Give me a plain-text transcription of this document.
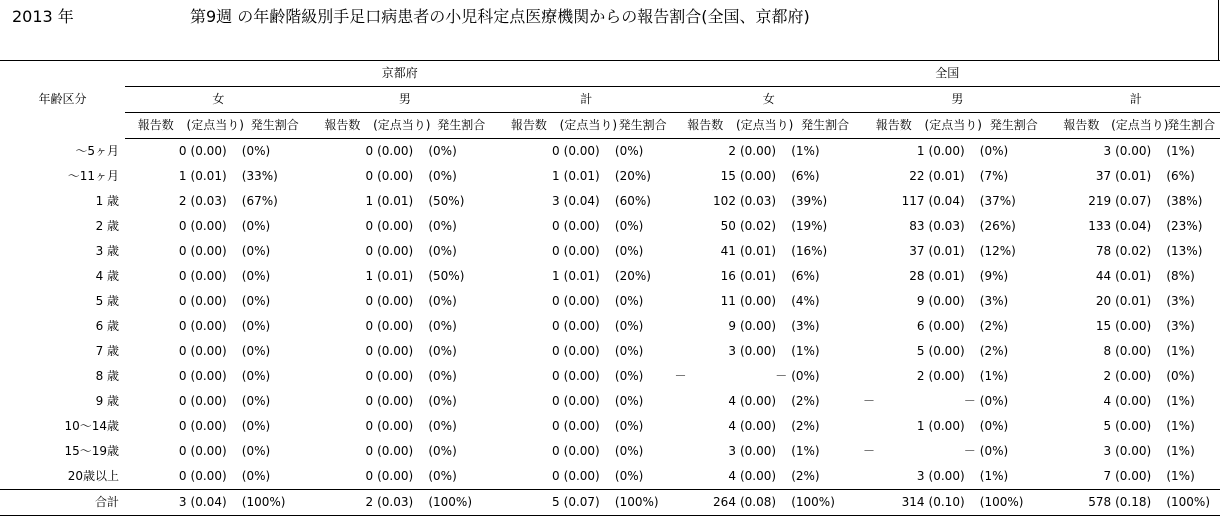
2013 年	第9週 の年齢階級別手足口病患者の小児科定点医療機関からの報告割合(全国、京都府)
年齢区分	京都府									全国								
	女			男			計			女			男			計		
	報告数	(定点当り)	発生割合	報告数	(定点当り)	発生割合	報告数	(定点当り)	発生割合	報告数	(定点当り)	発生割合	報告数	(定点当り)	発生割合	報告数	(定点当り)	発生割合
～5ヶ月	0	(0.00)	(0%)	0	(0.00)	(0%)	0	(0.00)	(0%)	2	(0.00)	(1%)	1	(0.00)	(0%)	3	(0.00)	(1%)
～11ヶ月	1	(0.01)	(33%)	0	(0.00)	(0%)	1	(0.01)	(20%)	15	(0.00)	(6%)	22	(0.01)	(7%)	37	(0.01)	(6%)
1 歳	2	(0.03)	(67%)	1	(0.01)	(50%)	3	(0.04)	(60%)	102	(0.03)	(39%)	117	(0.04)	(37%)	219	(0.07)	(38%)
2 歳	0	(0.00)	(0%)	0	(0.00)	(0%)	0	(0.00)	(0%)	50	(0.02)	(19%)	83	(0.03)	(26%)	133	(0.04)	(23%)
3 歳	0	(0.00)	(0%)	0	(0.00)	(0%)	0	(0.00)	(0%)	41	(0.01)	(16%)	37	(0.01)	(12%)	78	(0.02)	(13%)
4 歳	0	(0.00)	(0%)	1	(0.01)	(50%)	1	(0.01)	(20%)	16	(0.01)	(6%)	28	(0.01)	(9%)	44	(0.01)	(8%)
5 歳	0	(0.00)	(0%)	0	(0.00)	(0%)	0	(0.00)	(0%)	11	(0.00)	(4%)	9	(0.00)	(3%)	20	(0.01)	(3%)
6 歳	0	(0.00)	(0%)	0	(0.00)	(0%)	0	(0.00)	(0%)	9	(0.00)	(3%)	6	(0.00)	(2%)	15	(0.00)	(3%)
7 歳	0	(0.00)	(0%)	0	(0.00)	(0%)	0	(0.00)	(0%)	3	(0.00)	(1%)	5	(0.00)	(2%)	8	(0.00)	(1%)
8 歳	0	(0.00)	(0%)	0	(0.00)	(0%)	0	(0.00)	(0%)	－	－	(0%)	2	(0.00)	(1%)	2	(0.00)	(0%)
9 歳	0	(0.00)	(0%)	0	(0.00)	(0%)	0	(0.00)	(0%)	4	(0.00)	(2%)	－	－	(0%)	4	(0.00)	(1%)
10～14歳	0	(0.00)	(0%)	0	(0.00)	(0%)	0	(0.00)	(0%)	4	(0.00)	(2%)	1	(0.00)	(0%)	5	(0.00)	(1%)
15～19歳	0	(0.00)	(0%)	0	(0.00)	(0%)	0	(0.00)	(0%)	3	(0.00)	(1%)	－	－	(0%)	3	(0.00)	(1%)
20歳以上	0	(0.00)	(0%)	0	(0.00)	(0%)	0	(0.00)	(0%)	4	(0.00)	(2%)	3	(0.00)	(1%)	7	(0.00)	(1%)
合計	3	(0.04)	(100%)	2	(0.03)	(100%)	5	(0.07)	(100%)	264	(0.08)	(100%)	314	(0.10)	(100%)	578	(0.18)	(100%)
